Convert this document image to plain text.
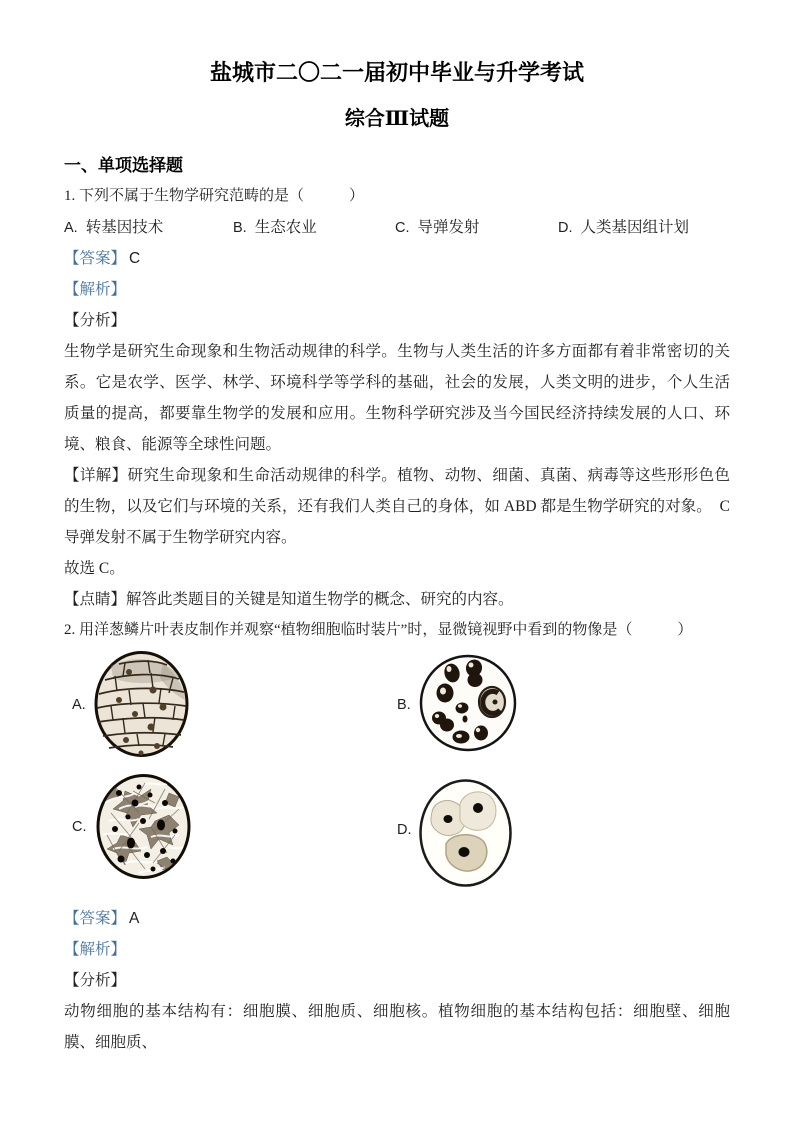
盐城市二〇二一届初中毕业与升学考试
综合Ⅲ试题
一、单项选择题
1. 下列不属于生物学研究范畴的是（　　　）
A. 转基因技术	B. 生态农业	C. 导弹发射	D. 人类基因组计划
【答案】 C
【解析】
【分析】
生物学是研究生命现象和生物活动规律的科学。生物与人类生活的许多方面都有着非常密切的关系。它是农学、医学、林学、环境科学等学科的基础，社会的发展，人类文明的进步，个人生活质量的提高，都要靠生物学的发展和应用。生物科学研究涉及当今国民经济持续发展的人口、环境、粮食、能源等全球性问题。
【详解】研究生命现象和生命活动规律的科学。植物、动物、细菌、真菌、病毒等这些形形色色的生物，以及它们与环境的关系，还有我们人类自己的身体，如 ABD 都是生物学研究的对象。　C 导弹发射不属于生物学研究内容。
故选 C。
【点睛】解答此类题目的关键是知道生物学的概念、研究的内容。
2. 用洋葱鳞片叶表皮制作并观察“植物细胞临时装片”时，显微镜视野中看到的物像是（　　　）
A.	B.
C.	D.
【答案】 A
【解析】
【分析】
动物细胞的基本结构有：细胞膜、细胞质、细胞核。植物细胞的基本结构包括：细胞壁、细胞膜、细胞质、
